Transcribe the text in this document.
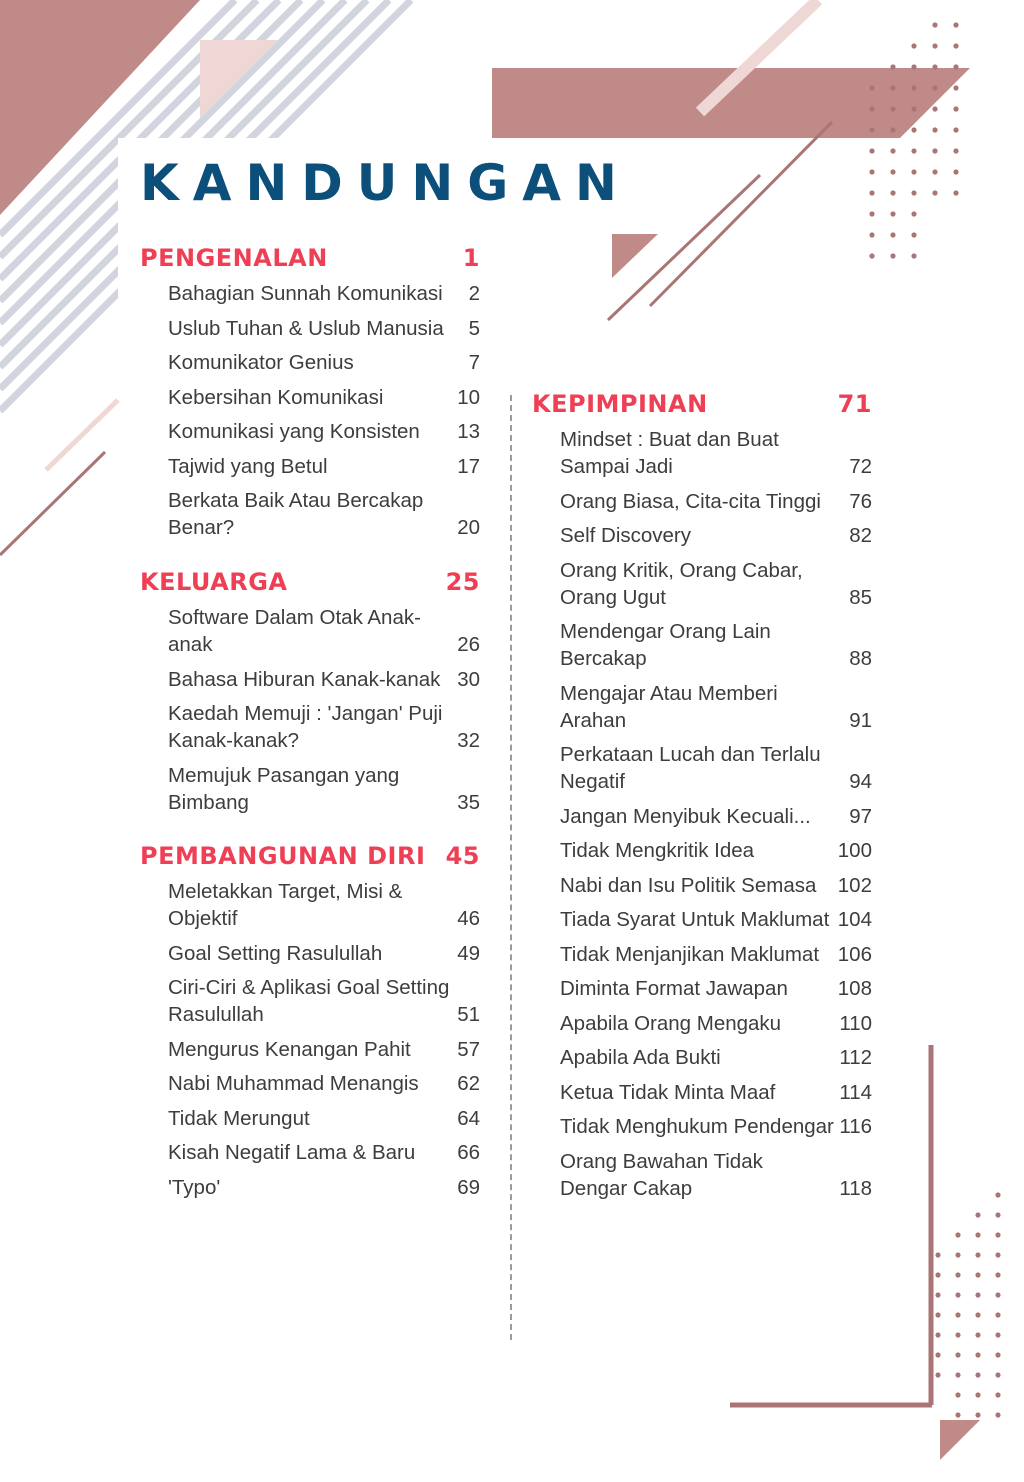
KANDUNGAN
PENGENALAN	1
Bahagian Sunnah Komunikasi	2
Uslub Tuhan & Uslub Manusia	5
Komunikator Genius	7
Kebersihan Komunikasi	10
Komunikasi yang Konsisten	13
Tajwid yang Betul	17
Berkata Baik Atau Bercakap Benar?	20
KELUARGA	25
Software Dalam Otak Anak-anak	26
Bahasa Hiburan Kanak-kanak 30
Kaedah Memuji : 'Jangan' Puji Kanak-kanak?	32
Memujuk Pasangan yang Bimbang	35
PEMBANGUNAN DIRI 45
Meletakkan Target, Misi & Objektif	46
Goal Setting Rasulullah	49
Ciri-Ciri & Aplikasi Goal Setting Rasulullah	51
Mengurus Kenangan Pahit	57
Nabi Muhammad Menangis	62
Tidak Merungut	64
Kisah Negatif Lama & Baru	66
'Typo'	69
KEPIMPINAN	71
Mindset : Buat dan Buat Sampai Jadi	72
Orang Biasa, Cita-cita Tinggi	76
Self Discovery	82
Orang Kritik, Orang Cabar, Orang Ugut	85
Mendengar Orang Lain Bercakap	88
Mengajar Atau Memberi Arahan	91
Perkataan Lucah dan Terlalu Negatif	94
Jangan Menyibuk Kecuali...	97
Tidak Mengkritik Idea	100
Nabi dan Isu Politik Semasa	102
Tiada Syarat Untuk Maklumat 104
Tidak Menjanjikan Maklumat 106
Diminta Format Jawapan	108
Apabila Orang Mengaku	110
Apabila Ada Bukti	112
Ketua Tidak Minta Maaf	114
Tidak Menghukum Pendengar 116
Orang Bawahan Tidak Dengar Cakap	118
